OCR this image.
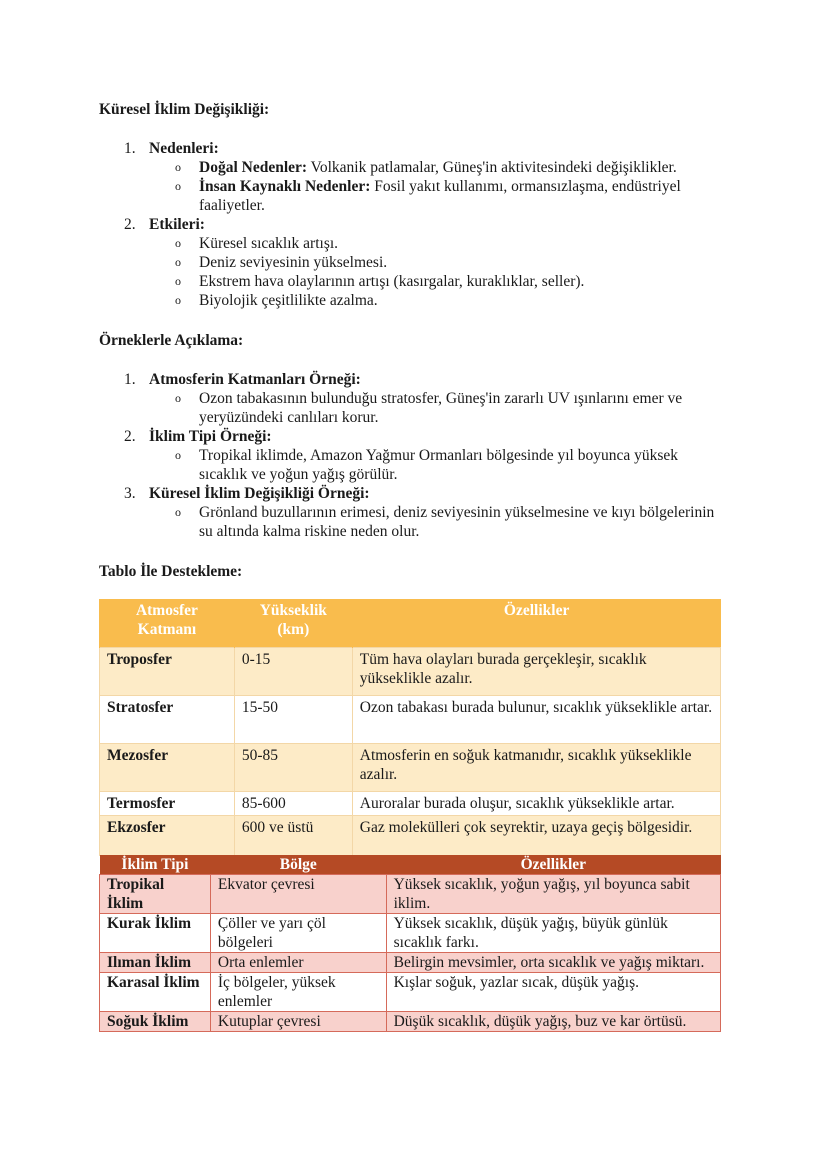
Küresel İklim Değişikliği:
1. Nedenleri:
o Doğal Nedenler: Volkanik patlamalar, Güneş'in aktivitesindeki değişiklikler.
o İnsan Kaynaklı Nedenler: Fosil yakıt kullanımı, ormansızlaşma, endüstriyel faaliyetler.
2. Etkileri:
o Küresel sıcaklık artışı.
o Deniz seviyesinin yükselmesi.
o Ekstrem hava olaylarının artışı (kasırgalar, kuraklıklar, seller).
o Biyolojik çeşitlilikte azalma.
Örneklerle Açıklama:
1. Atmosferin Katmanları Örneği:
o Ozon tabakasının bulunduğu stratosfer, Güneş'in zararlı UV ışınlarını emer ve yeryüzündeki canlıları korur.
2. İklim Tipi Örneği:
o Tropikal iklimde, Amazon Yağmur Ormanları bölgesinde yıl boyunca yüksek sıcaklık ve yoğun yağış görülür.
3. Küresel İklim Değişikliği Örneği:
o Grönland buzullarının erimesi, deniz seviyesinin yükselmesine ve kıyı bölgelerinin su altında kalma riskine neden olur.
Tablo İle Destekleme:
Atmosfer Katmanı	Yükseklik (km)	Özellikler
Troposfer	0-15	Tüm hava olayları burada gerçekleşir, sıcaklık yükseklikle azalır.
Stratosfer	15-50	Ozon tabakası burada bulunur, sıcaklık yükseklikle artar.
Mezosfer	50-85	Atmosferin en soğuk katmanıdır, sıcaklık yükseklikle azalır.
Termosfer	85-600	Auroralar burada oluşur, sıcaklık yükseklikle artar.
Ekzosfer	600 ve üstü	Gaz molekülleri çok seyrektir, uzaya geçiş bölgesidir.
İklim Tipi	Bölge	Özellikler
Tropikal İklim	Ekvator çevresi	Yüksek sıcaklık, yoğun yağış, yıl boyunca sabit iklim.
Kurak İklim	Çöller ve yarı çöl bölgeleri	Yüksek sıcaklık, düşük yağış, büyük günlük sıcaklık farkı.
Ilıman İklim	Orta enlemler	Belirgin mevsimler, orta sıcaklık ve yağış miktarı.
Karasal İklim	İç bölgeler, yüksek enlemler	Kışlar soğuk, yazlar sıcak, düşük yağış.
Soğuk İklim	Kutuplar çevresi	Düşük sıcaklık, düşük yağış, buz ve kar örtüsü.
